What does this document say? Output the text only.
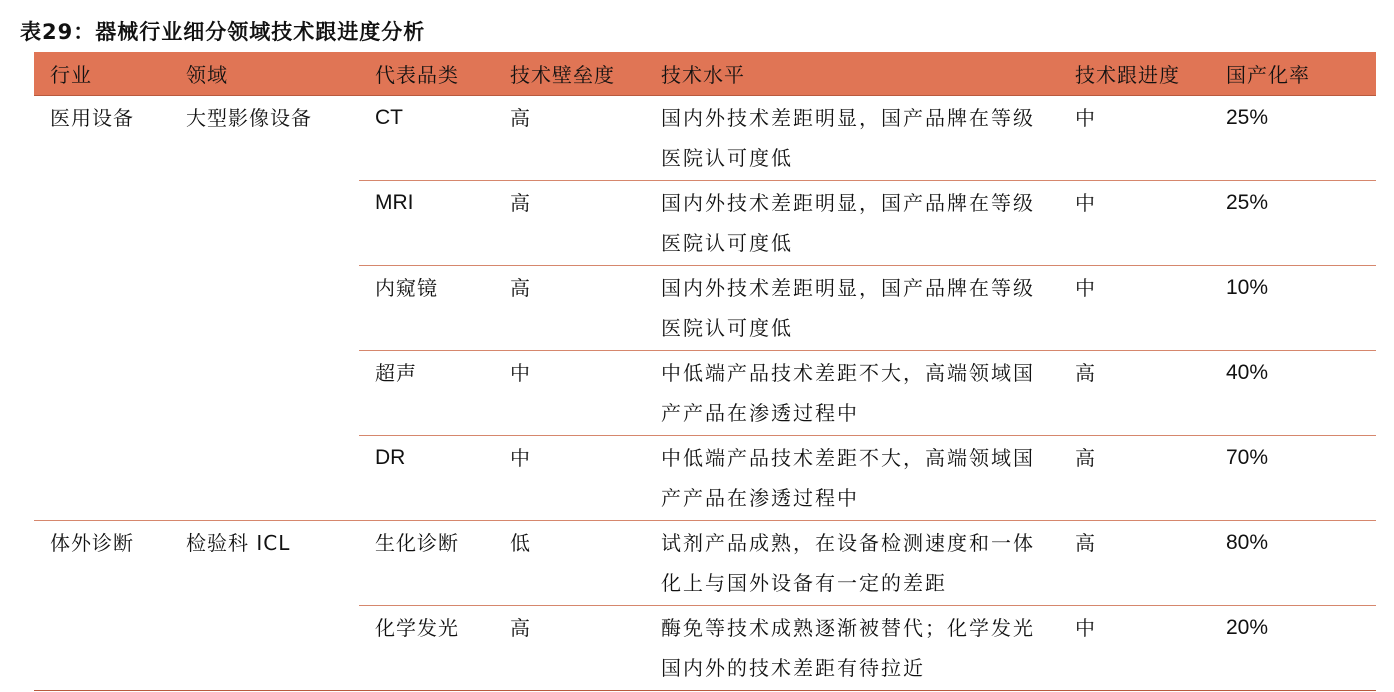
表29：器械行业细分领域技术跟进度分析
行业	领域	代表品类	技术壁垒度	技术水平	技术跟进度	国产化率
医用设备	大型影像设备	CT	高	国内外技术差距明显，国产品牌在等级医院认可度低	中	25%
		MRI	高	国内外技术差距明显，国产品牌在等级医院认可度低	中	25%
		内窥镜	高	国内外技术差距明显，国产品牌在等级医院认可度低	中	10%
		超声	中	中低端产品技术差距不大，高端领域国产产品在渗透过程中	高	40%
		DR	中	中低端产品技术差距不大，高端领域国产产品在渗透过程中	高	70%
体外诊断	检验科 ICL	生化诊断	低	试剂产品成熟，在设备检测速度和一体化上与国外设备有一定的差距	高	80%
		化学发光	高	酶免等技术成熟逐渐被替代；化学发光国内外的技术差距有待拉近	中	20%
